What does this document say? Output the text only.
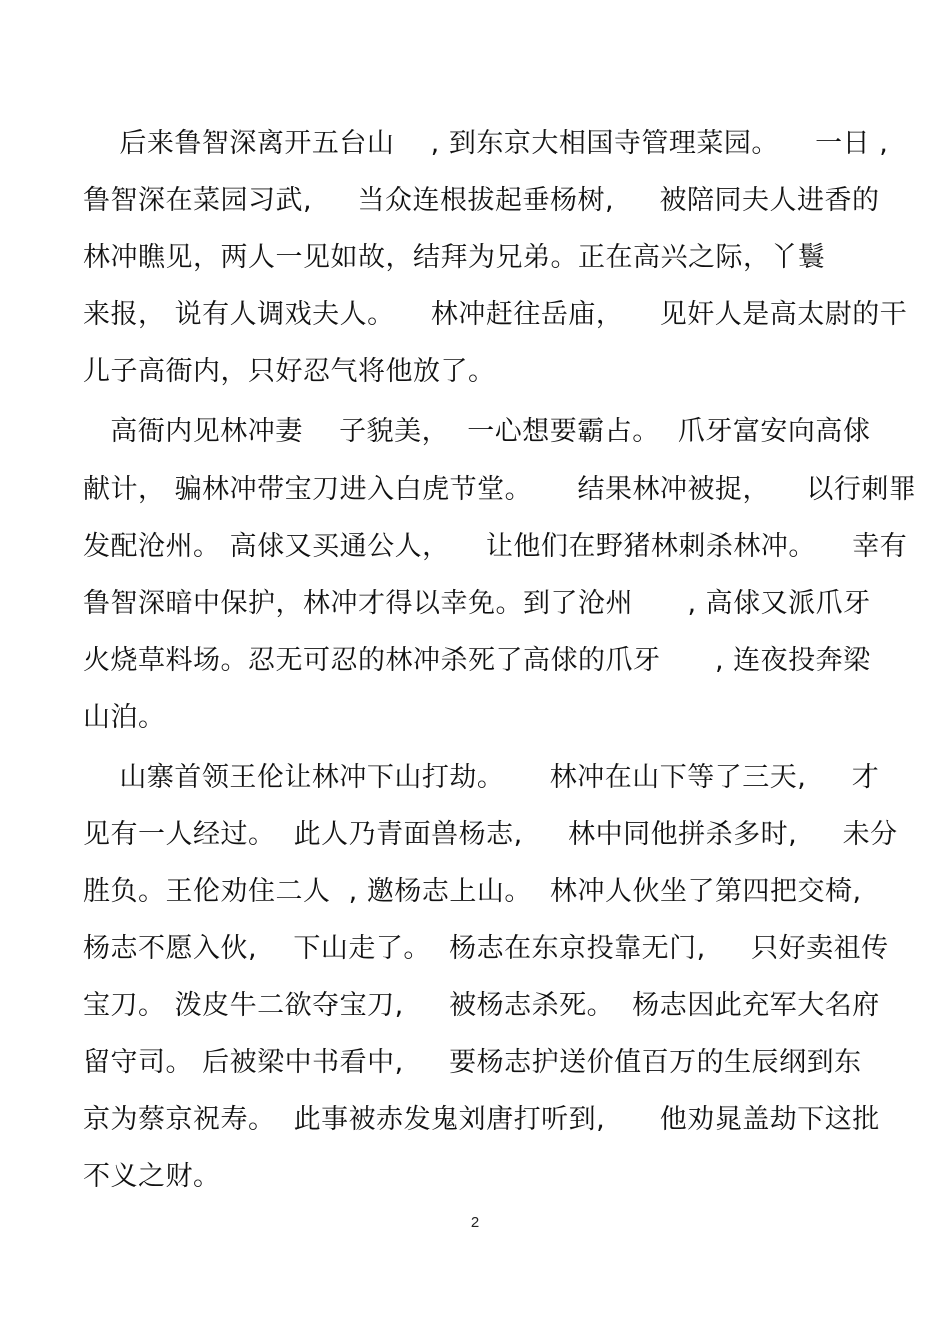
后来鲁智深离开五台山    , 到东京大相国寺管理菜园。    一日 ,
鲁智深在菜园习武,     当众连根拔起垂杨树,     被陪同夫人进香的
林冲瞧见，两人一见如故，结拜为兄弟。正在高兴之际，丫鬟
来报， 说有人调戏夫人。    林冲赶往岳庙，    见奸人是高太尉的干
儿子高衙内，只好忍气将他放了。
高衙内见林冲妻    子貌美，  一心想要霸占。  爪牙富安向高俅
献计， 骗林冲带宝刀进入白虎节堂。     结果林冲被捉，    以行刺罪
发配沧州。 高俅又买通公人，    让他们在野猪林刺杀林冲。    幸有
鲁智深暗中保护，林冲才得以幸免。到了沧州      , 高俅又派爪牙
火烧草料场。忍无可忍的林冲杀死了高俅的爪牙      , 连夜投奔梁
山泊。
山寨首领王伦让林冲下山打劫。     林冲在山下等了三天,     才
见有一人经过。  此人乃青面兽杨志,     林中同他拼杀多时,     未分
胜负。王伦劝住二人  , 邀杨志上山。  林冲人伙坐了第四把交椅,
杨志不愿入伙,    下山走了。  杨志在东京投靠无门,     只好卖祖传
宝刀。 泼皮牛二欲夺宝刀,     被杨志杀死。  杨志因此充军大名府
留守司。 后被梁中书看中,     要杨志护送价值百万的生辰纲到东
京为蔡京祝寿。  此事被赤发鬼刘唐打听到,      他劝晁盖劫下这批
不义之财。
2
